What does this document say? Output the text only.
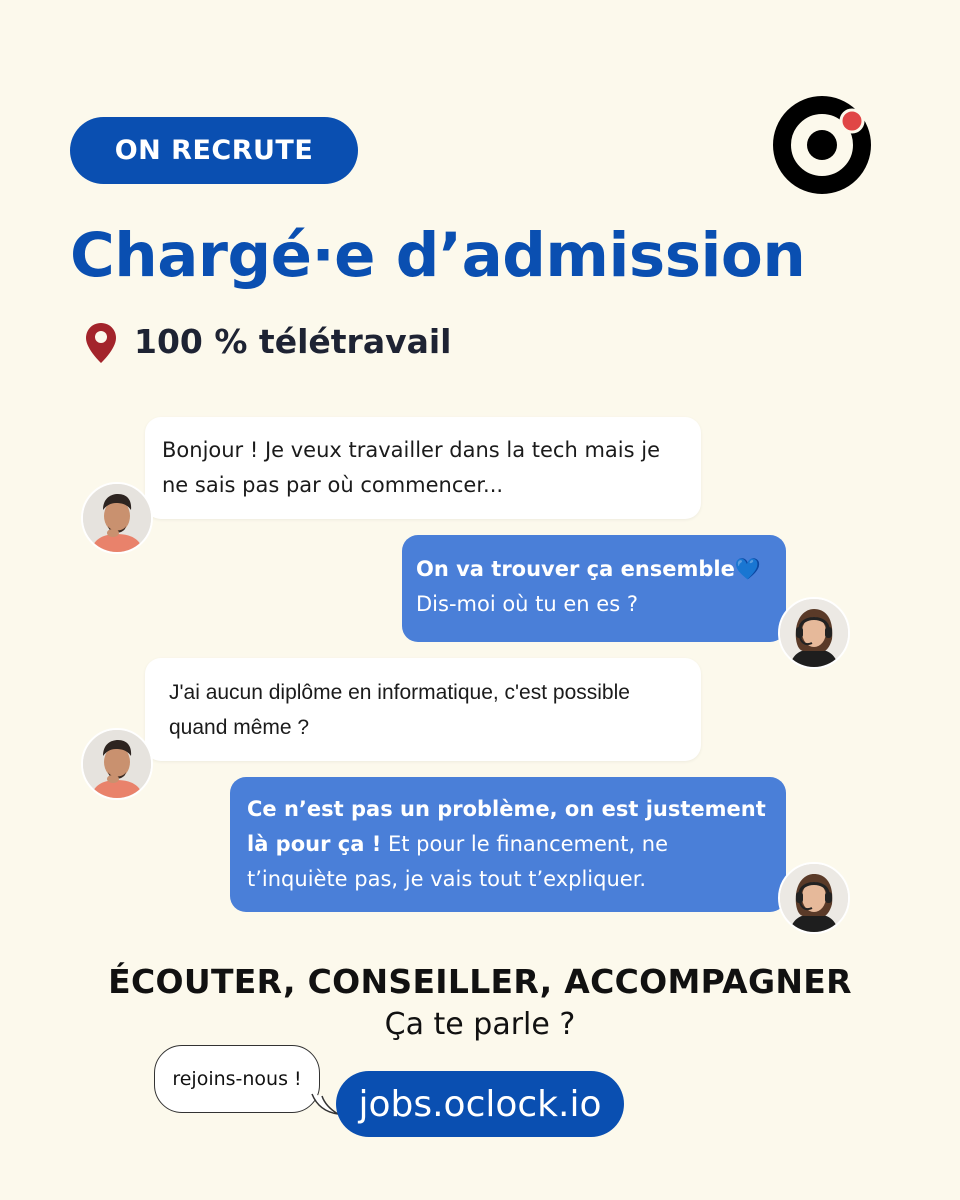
ON RECRUTE
Chargé·e d’admission
100 % télétravail
Bonjour ! Je veux travailler dans la tech mais je ne sais pas par où commencer...
On va trouver ça ensemble💙
Dis-moi où tu en es ?
J'ai aucun diplôme en informatique, c'est possible quand même ?
Ce n’est pas un problème, on est justement là pour ça ! Et pour le financement, ne t’inquiète pas, je vais tout t’expliquer.
ÉCOUTER, CONSEILLER, ACCOMPAGNER
Ça te parle ?
rejoins-nous !
jobs.oclock.io
